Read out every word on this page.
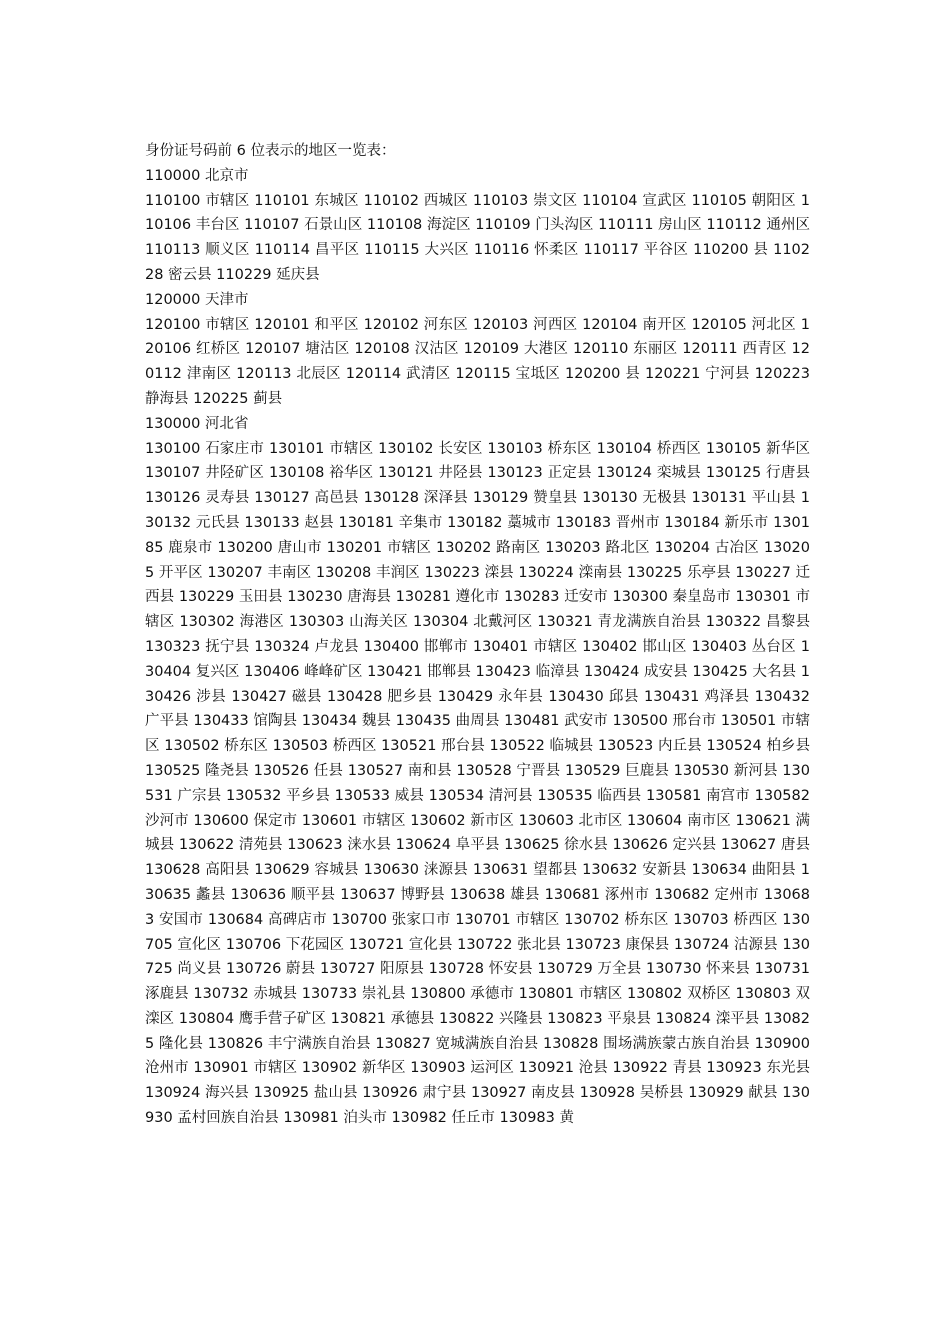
身份证号码前 6 位表示的地区一览表：

110000 北京市

110100 市辖区 110101 东城区 110102 西城区 110103 崇文区 110104 宣武区 110105 朝阳区 110106 丰台区 110107 石景山区 110108 海淀区 110109 门头沟区 110111 房山区 110112 通州区 110113 顺义区 110114 昌平区 110115 大兴区 110116 怀柔区 110117 平谷区 110200 县 110228 密云县 110229 延庆县

120000 天津市

120100 市辖区 120101 和平区 120102 河东区 120103 河西区 120104 南开区 120105 河北区 120106 红桥区 120107 塘沽区 120108 汉沽区 120109 大港区 120110 东丽区 120111 西青区 120112 津南区 120113 北辰区 120114 武清区 120115 宝坻区 120200 县 120221 宁河县 120223 静海县 120225 蓟县

130000 河北省

130100 石家庄市 130101 市辖区 130102 长安区 130103 桥东区 130104 桥西区 130105 新华区 130107 井陉矿区 130108 裕华区 130121 井陉县 130123 正定县 130124 栾城县 130125 行唐县 130126 灵寿县 130127 高邑县 130128 深泽县 130129 赞皇县 130130 无极县 130131 平山县 130132 元氏县 130133 赵县 130181 辛集市 130182 藁城市 130183 晋州市 130184 新乐市 130185 鹿泉市 130200 唐山市 130201 市辖区 130202 路南区 130203 路北区 130204 古冶区 130205 开平区 130207 丰南区 130208 丰润区 130223 滦县 130224 滦南县 130225 乐亭县 130227 迁西县 130229 玉田县 130230 唐海县 130281 遵化市 130283 迁安市 130300 秦皇岛市 130301 市辖区 130302 海港区 130303 山海关区 130304 北戴河区 130321 青龙满族自治县 130322 昌黎县 130323 抚宁县 130324 卢龙县 130400 邯郸市 130401 市辖区 130402 邯山区 130403 丛台区 130404 复兴区 130406 峰峰矿区 130421 邯郸县 130423 临漳县 130424 成安县 130425 大名县 130426 涉县 130427 磁县 130428 肥乡县 130429 永年县 130430 邱县 130431 鸡泽县 130432 广平县 130433 馆陶县 130434 魏县 130435 曲周县 130481 武安市 130500 邢台市 130501 市辖区 130502 桥东区 130503 桥西区 130521 邢台县 130522 临城县 130523 内丘县 130524 柏乡县 130525 隆尧县 130526 任县 130527 南和县 130528 宁晋县 130529 巨鹿县 130530 新河县 130531 广宗县 130532 平乡县 130533 威县 130534 清河县 130535 临西县 130581 南宫市 130582 沙河市 130600 保定市 130601 市辖区 130602 新市区 130603 北市区 130604 南市区 130621 满城县 130622 清苑县 130623 涞水县 130624 阜平县 130625 徐水县 130626 定兴县 130627 唐县 130628 高阳县 130629 容城县 130630 涞源县 130631 望都县 130632 安新县 130634 曲阳县 130635 蠡县 130636 顺平县 130637 博野县 130638 雄县 130681 涿州市 130682 定州市 130683 安国市 130684 高碑店市 130700 张家口市 130701 市辖区 130702 桥东区 130703 桥西区 130705 宣化区 130706 下花园区 130721 宣化县 130722 张北县 130723 康保县 130724 沽源县 130725 尚义县 130726 蔚县 130727 阳原县 130728 怀安县 130729 万全县 130730 怀来县 130731 涿鹿县 130732 赤城县 130733 崇礼县 130800 承德市 130801 市辖区 130802 双桥区 130803 双滦区 130804 鹰手营子矿区 130821 承德县 130822 兴隆县 130823 平泉县 130824 滦平县 130825 隆化县 130826 丰宁满族自治县 130827 宽城满族自治县 130828 围场满族蒙古族自治县 130900 沧州市 130901 市辖区 130902 新华区 130903 运河区 130921 沧县 130922 青县 130923 东光县 130924 海兴县 130925 盐山县 130926 肃宁县 130927 南皮县 130928 吴桥县 130929 献县 130930 孟村回族自治县 130981 泊头市 130982 任丘市 130983 黄
